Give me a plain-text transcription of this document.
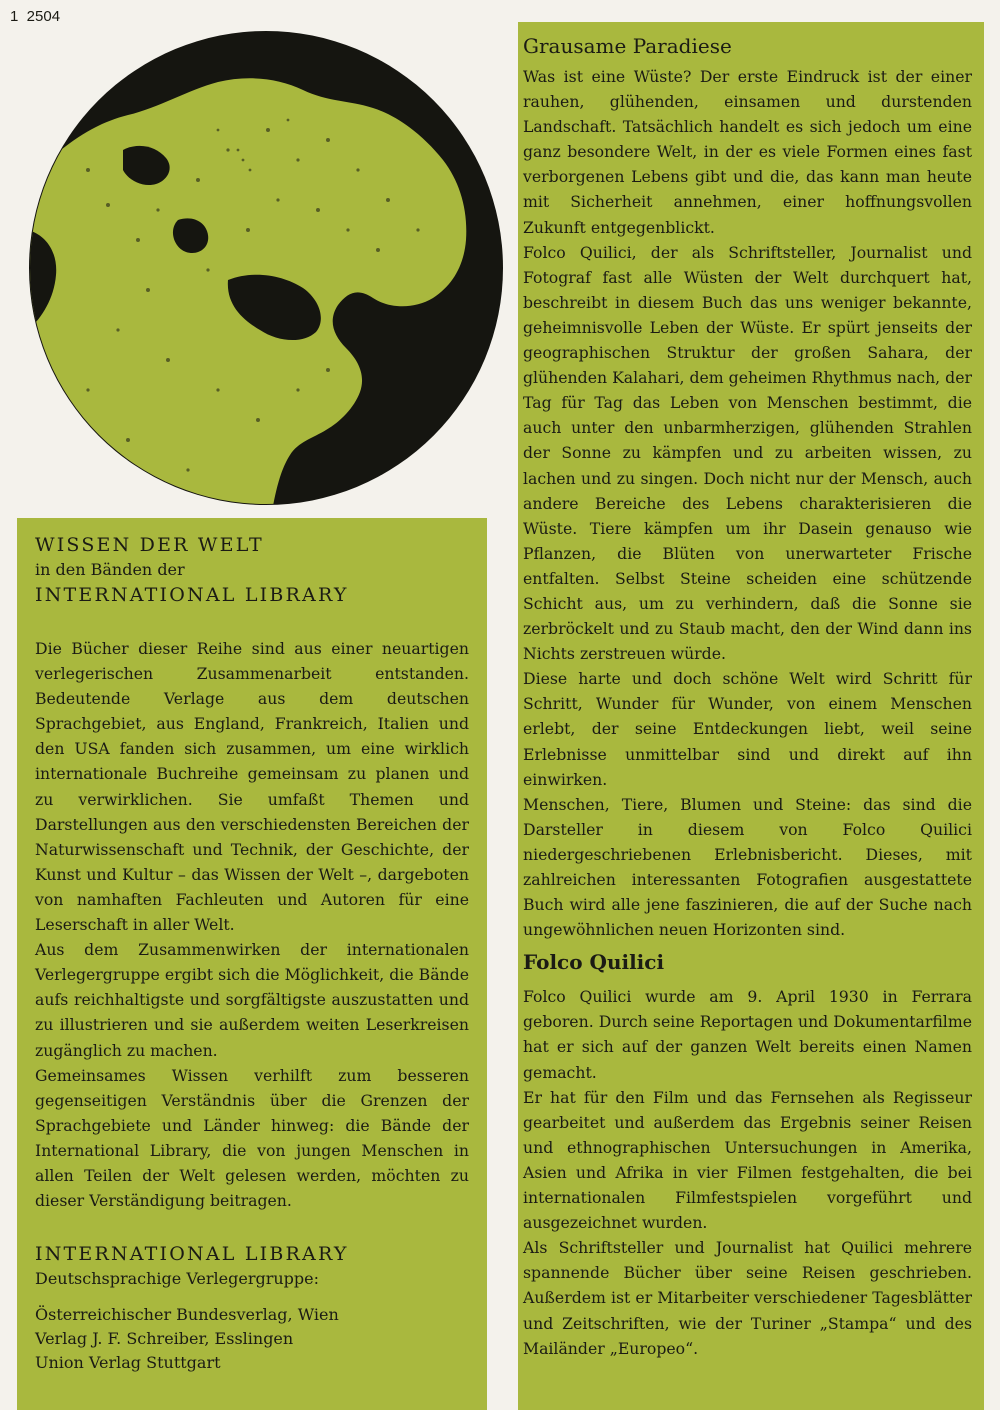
1  2504
WISSEN DER WELT

in den Bänden der

INTERNATIONAL LIBRARY

Die Bücher dieser Reihe sind aus einer neuartigen verlegerischen Zusammenarbeit entstanden. Bedeutende Verlage aus dem deutschen Sprachgebiet, aus England, Frankreich, Italien und den USA fanden sich zusammen, um eine wirklich internationale Buchreihe gemeinsam zu planen und zu verwirklichen. Sie umfaßt Themen und Darstellungen aus den verschiedensten Bereichen der Naturwissenschaft und Technik, der Geschichte, der Kunst und Kultur – das Wissen der Welt –, dargeboten von namhaften Fachleuten und Autoren für eine Leserschaft in aller Welt.

Aus dem Zusammenwirken der internationalen Verlegergruppe ergibt sich die Möglichkeit, die Bände aufs reichhaltigste und sorgfältigste auszustatten und zu illustrieren und sie außerdem weiten Leserkreisen zugänglich zu machen.

Gemeinsames Wissen verhilft zum besseren gegenseitigen Verständnis über die Grenzen der Sprachgebiete und Länder hinweg: die Bände der International Library, die von jungen Menschen in allen Teilen der Welt gelesen werden, möchten zu dieser Verständigung beitragen.

INTERNATIONAL LIBRARY

Deutschsprachige Verlegergruppe:

Österreichischer Bundesverlag, Wien

Verlag J. F. Schreiber, Esslingen

Union Verlag Stuttgart

Grausame Paradiese

Was ist eine Wüste? Der erste Eindruck ist der einer rauhen, glühenden, einsamen und durstenden Landschaft. Tatsächlich handelt es sich jedoch um eine ganz besondere Welt, in der es viele Formen eines fast verborgenen Lebens gibt und die, das kann man heute mit Sicherheit annehmen, einer hoffnungsvollen Zukunft entgegenblickt.

Folco Quilici, der als Schriftsteller, Journalist und Fotograf fast alle Wüsten der Welt durchquert hat, beschreibt in diesem Buch das uns weniger bekannte, geheimnisvolle Leben der Wüste. Er spürt jenseits der geographischen Struktur der großen Sahara, der glühenden Kalahari, dem geheimen Rhythmus nach, der Tag für Tag das Leben von Menschen bestimmt, die auch unter den unbarmherzigen, glühenden Strahlen der Sonne zu kämpfen und zu arbeiten wissen, zu lachen und zu singen. Doch nicht nur der Mensch, auch andere Bereiche des Lebens charakterisieren die Wüste. Tiere kämpfen um ihr Dasein genauso wie Pflanzen, die Blüten von unerwarteter Frische entfalten. Selbst Steine scheiden eine schützende Schicht aus, um zu verhindern, daß die Sonne sie zerbröckelt und zu Staub macht, den der Wind dann ins Nichts zerstreuen würde.

Diese harte und doch schöne Welt wird Schritt für Schritt, Wunder für Wunder, von einem Menschen erlebt, der seine Entdeckungen liebt, weil seine Erlebnisse unmittelbar sind und direkt auf ihn einwirken.

Menschen, Tiere, Blumen und Steine: das sind die Darsteller in diesem von Folco Quilici niedergeschriebenen Erlebnisbericht. Dieses, mit zahlreichen interessanten Fotografien ausgestattete Buch wird alle jene faszinieren, die auf der Suche nach ungewöhnlichen neuen Horizonten sind.

Folco Quilici

Folco Quilici wurde am 9. April 1930 in Ferrara geboren. Durch seine Reportagen und Dokumentarfilme hat er sich auf der ganzen Welt bereits einen Namen gemacht.

Er hat für den Film und das Fernsehen als Regisseur gearbeitet und außerdem das Ergebnis seiner Reisen und ethnographischen Untersuchungen in Amerika, Asien und Afrika in vier Filmen festgehalten, die bei internationalen Filmfestspielen vorgeführt und ausgezeichnet wurden.

Als Schriftsteller und Journalist hat Quilici mehrere spannende Bücher über seine Reisen geschrieben. Außerdem ist er Mitarbeiter verschiedener Tagesblätter und Zeitschriften, wie der Turiner „Stampa“ und des Mailänder „Europeo“.
